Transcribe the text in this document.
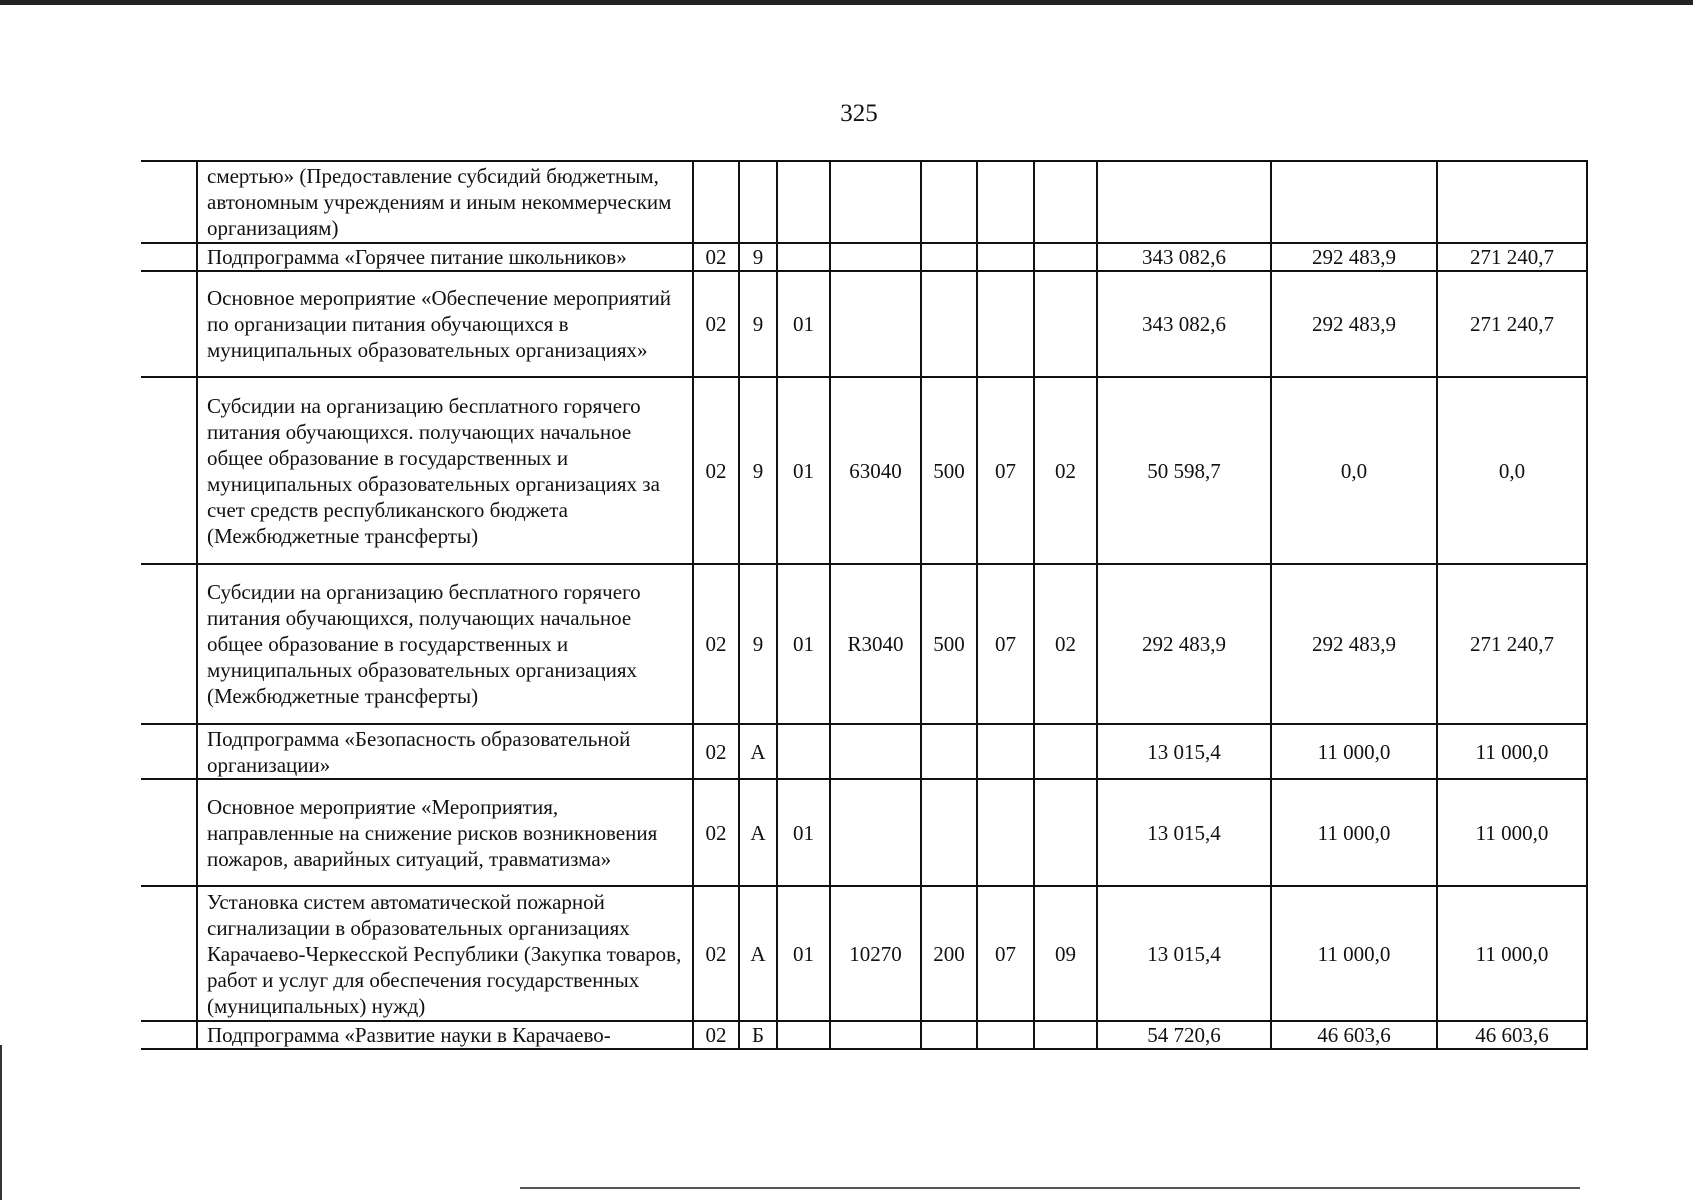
325
	смертью» (Предоставление субсидий бюджетным, автономным учреждениям и иным некоммерческим организациям)										
	Подпрограмма «Горячее питание школьников»	02	9						343 082,6	292 483,9	271 240,7
	Основное мероприятие «Обеспечение мероприятий по организации питания обучающихся в муниципальных образовательных организациях»	02	9	01					343 082,6	292 483,9	271 240,7
	Субсидии на организацию бесплатного горячего питания обучающихся. получающих начальное общее образование в государственных и муниципальных образовательных организациях за счет средств республиканского бюджета (Межбюджетные трансферты)	02	9	01	63040	500	07	02	50 598,7	0,0	0,0
	Субсидии на организацию бесплатного горячего питания обучающихся, получающих начальное общее образование в государственных и муниципальных образовательных организациях (Межбюджетные трансферты)	02	9	01	R3040	500	07	02	292 483,9	292 483,9	271 240,7
	Подпрограмма «Безопасность образовательной организации»	02	А						13 015,4	11 000,0	11 000,0
	Основное мероприятие «Мероприятия, направленные на снижение рисков возникновения пожаров, аварийных ситуаций, травматизма»	02	А	01					13 015,4	11 000,0	11 000,0
	Установка систем автоматической пожарной сигнализации в образовательных организациях Карачаево-Черкесской Республики (Закупка товаров, работ и услуг для обеспечения государственных (муниципальных) нужд)	02	А	01	10270	200	07	09	13 015,4	11 000,0	11 000,0
	Подпрограмма «Развитие науки в Карачаево-	02	Б						54 720,6	46 603,6	46 603,6
